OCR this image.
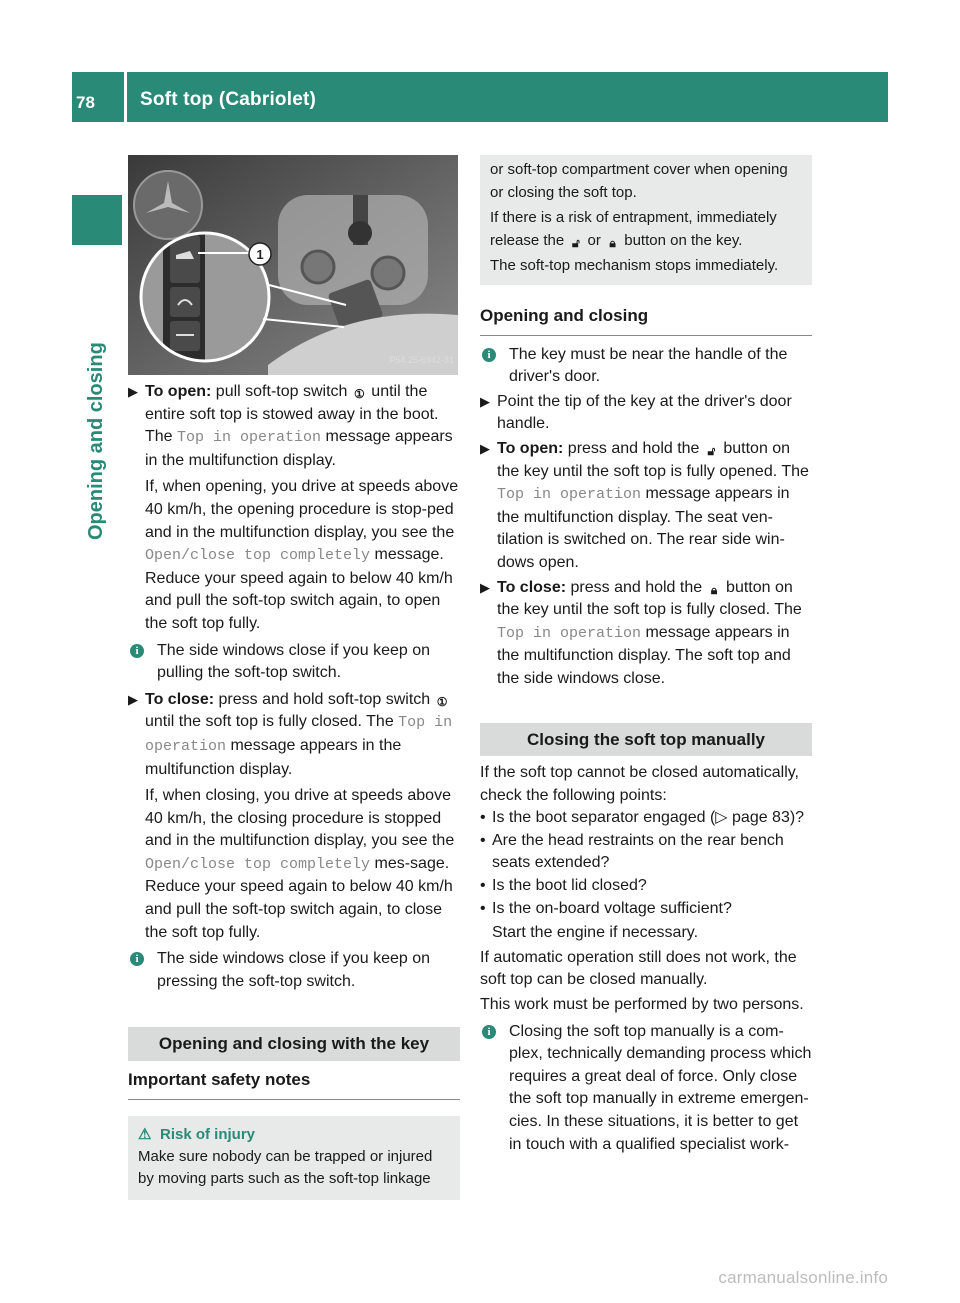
78	Soft top (Cabriolet)
Opening and closing
1
P54.25-6942-31
▶︎ To open: pull soft-top switch ① until the entire soft top is stowed away in the boot. The Top in operation message appears in the multifunction display.

If, when opening, you drive at speeds above 40 km/h, the opening procedure is stop-ped and in the multifunction display, you see the Open/close top completely message. Reduce your speed again to below 40 km/h and pull the soft-top switch again, to open the soft top fully.

i	The side windows close if you keep on pulling the soft-top switch.

▶︎ To close: press and hold soft-top switch ① until the soft top is fully closed. The Top in operation message appears in the multifunction display.

If, when closing, you drive at speeds above 40 km/h, the closing procedure is stopped and in the multifunction display, you see the Open/close top completely mes-sage. Reduce your speed again to below 40 km/h and pull the soft-top switch again, to close the soft top fully.

i	The side windows close if you keep on pressing the soft-top switch.

Opening and closing with the key
Important safety notes
⚠︎ Risk of injury
Make sure nobody can be trapped or injured by moving parts such as the soft-top linkage

or soft-top compartment cover when opening or closing the soft top.

If there is a risk of entrapment, immediately release the 🔓︎ or 🔒︎ button on the key.

The soft-top mechanism stops immediately.

Opening and closing
i	The key must be near the handle of the driver's door.

▶︎ Point the tip of the key at the driver's door handle.

▶︎ To open: press and hold the 🔓︎ button on the key until the soft top is fully opened. The Top in operation message appears in the multifunction display. The seat ven-tilation is switched on. The rear side win-dows open.

▶︎ To close: press and hold the 🔒︎ button on the key until the soft top is fully closed. The Top in operation message appears in the multifunction display. The soft top and the side windows close.

Closing the soft top manually

If the soft top cannot be closed automatically, check the following points:

• Is the boot separator engaged (▷ page 83)?

• Are the head restraints on the rear bench seats extended?

• Is the boot lid closed?

• Is the on-board voltage sufficient?

Start the engine if necessary.

If automatic operation still does not work, the soft top can be closed manually.

This work must be performed by two persons.

i	Closing the soft top manually is a com-plex, technically demanding process which requires a great deal of force. Only close the soft top manually in extreme emergen-cies. In these situations, it is better to get in touch with a qualified specialist work-

carmanualsonline.info
